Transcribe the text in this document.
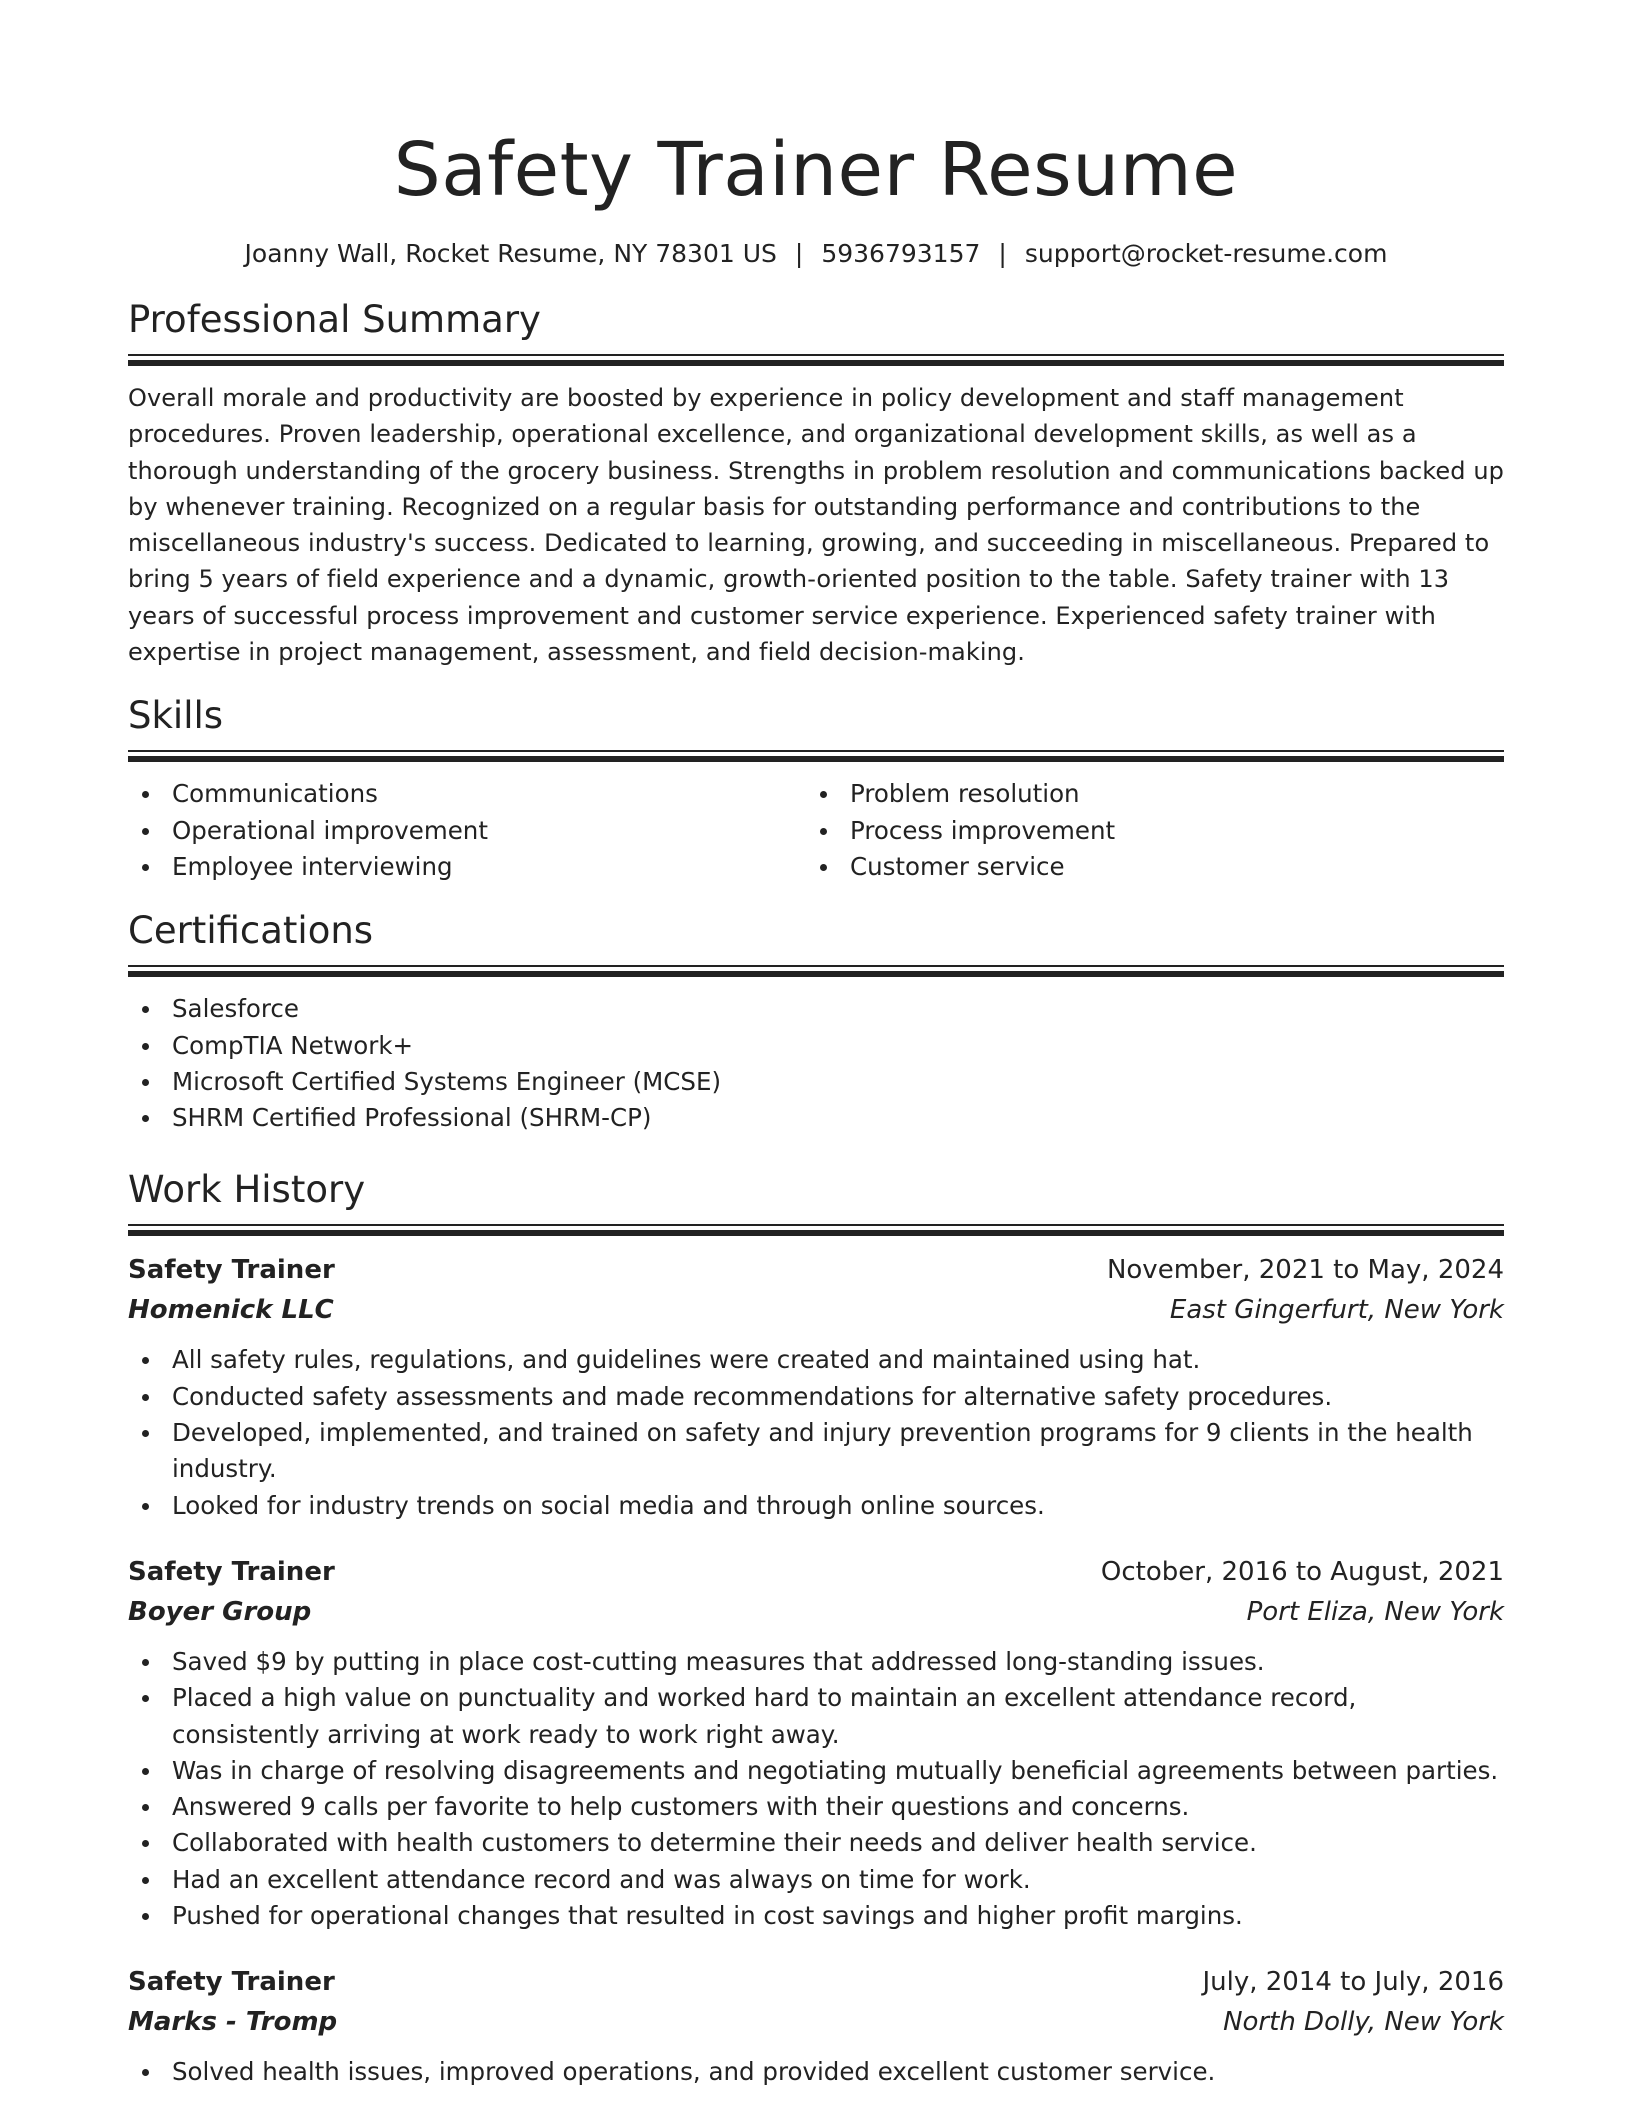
Safety Trainer Resume
Joanny Wall, Rocket Resume, NY 78301 US | 5936793157 | support@rocket-resume.com
Professional Summary
Overall morale and productivity are boosted by experience in policy development and staff management procedures. Proven leadership, operational excellence, and organizational development skills, as well as a thorough understanding of the grocery business. Strengths in problem resolution and communications backed up by whenever training. Recognized on a regular basis for outstanding performance and contributions to the miscellaneous industry's success. Dedicated to learning, growing, and succeeding in miscellaneous. Prepared to bring 5 years of field experience and a dynamic, growth-oriented position to the table. Safety trainer with 13 years of successful process improvement and customer service experience. Experienced safety trainer with expertise in project management, assessment, and field decision-making.
Skills
Communications
Operational improvement
Employee interviewing
Problem resolution
Process improvement
Customer service
Certifications
Salesforce
CompTIA Network+
Microsoft Certified Systems Engineer (MCSE)
SHRM Certified Professional (SHRM-CP)
Work History
Safety Trainer	November, 2021 to May, 2024
Homenick LLC	East Gingerfurt, New York
All safety rules, regulations, and guidelines were created and maintained using hat.
Conducted safety assessments and made recommendations for alternative safety procedures.
Developed, implemented, and trained on safety and injury prevention programs for 9 clients in the health industry.
Looked for industry trends on social media and through online sources.
Safety Trainer	October, 2016 to August, 2021
Boyer Group	Port Eliza, New York
Saved $9 by putting in place cost-cutting measures that addressed long-standing issues.
Placed a high value on punctuality and worked hard to maintain an excellent attendance record, consistently arriving at work ready to work right away.
Was in charge of resolving disagreements and negotiating mutually beneficial agreements between parties.
Answered 9 calls per favorite to help customers with their questions and concerns.
Collaborated with health customers to determine their needs and deliver health service.
Had an excellent attendance record and was always on time for work.
Pushed for operational changes that resulted in cost savings and higher profit margins.
Safety Trainer	July, 2014 to July, 2016
Marks - Tromp	North Dolly, New York
Solved health issues, improved operations, and provided excellent customer service.
